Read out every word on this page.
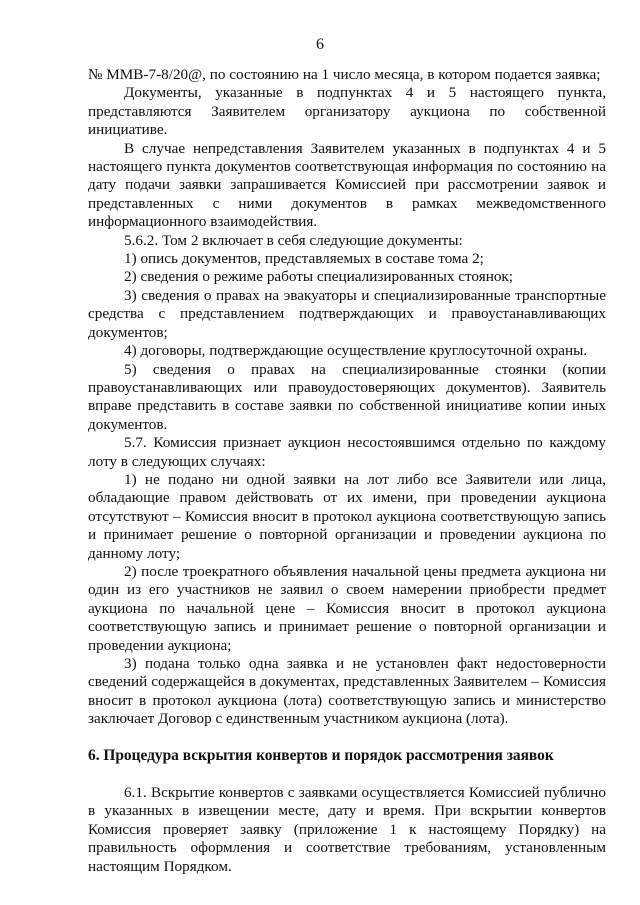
6

№ ММВ-7-8/20@, по состоянию на 1 число месяца, в котором подается заявка;

Документы, указанные в подпунктах 4 и 5 настоящего пункта, представляются Заявителем организатору аукциона по собственной инициативе.

В случае непредставления Заявителем указанных в подпунктах 4 и 5 настоящего пункта документов соответствующая информация по состоянию на дату подачи заявки запрашивается Комиссией при рассмотрении заявок и представленных с ними документов в рамках межведомственного информационного взаимодействия.

5.6.2. Том 2 включает в себя следующие документы:

1) опись документов, представляемых в составе тома 2;

2) сведения о режиме работы специализированных стоянок;

3) сведения о правах на эвакуаторы и специализированные транспортные средства с представлением подтверждающих и правоустанавливающих документов;

4) договоры, подтверждающие осуществление круглосуточной охраны.

5) сведения о правах на специализированные стоянки (копии правоустанавливающих или правоудостоверяющих документов). Заявитель вправе представить в составе заявки по собственной инициативе копии иных документов.

5.7. Комиссия признает аукцион несостоявшимся отдельно по каждому лоту в следующих случаях:

1) не подано ни одной заявки на лот либо все Заявители или лица, обладающие правом действовать от их имени, при проведении аукциона отсутствуют – Комиссия вносит в протокол аукциона соответствующую запись и принимает решение о повторной организации и проведении аукциона по данному лоту;

2) после троекратного объявления начальной цены предмета аукциона ни один из его участников не заявил о своем намерении приобрести предмет аукциона по начальной цене – Комиссия вносит в протокол аукциона соответствующую запись и принимает решение о повторной организации и проведении аукциона;

3) подана только одна заявка и не установлен факт недостоверности сведений содержащейся в документах, представленных Заявителем – Комиссия вносит в протокол аукциона (лота) соответствующую запись и министерство заключает Договор с единственным участником аукциона (лота).

6. Процедура вскрытия конвертов и порядок рассмотрения заявок

6.1. Вскрытие конвертов с заявками осуществляется Комиссией публично в указанных в извещении месте, дату и время. При вскрытии конвертов Комиссия проверяет заявку (приложение 1 к настоящему Порядку) на правильность оформления и соответствие требованиям, установленным настоящим Порядком.
